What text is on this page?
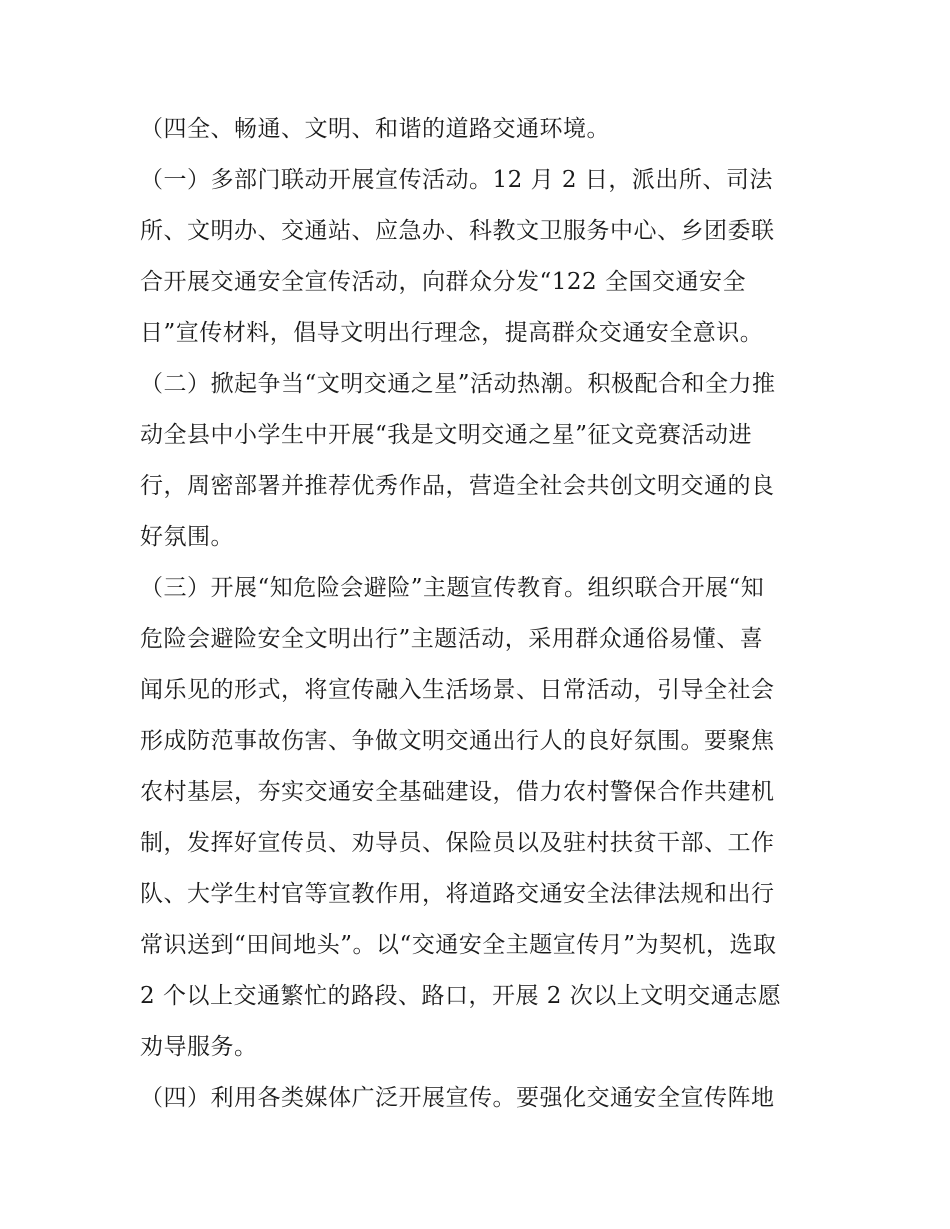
（四全、畅通、文明、和谐的道路交通环境。
（一）多部门联动开展宣传活动。12 月 2 日，派出所、司法
所、文明办、交通站、应急办、科教文卫服务中心、乡团委联
合开展交通安全宣传活动，向群众分发“122 全国交通安全
日”宣传材料，倡导文明出行理念，提高群众交通安全意识。
（二）掀起争当“文明交通之星”活动热潮。积极配合和全力推
动全县中小学生中开展“我是文明交通之星”征文竞赛活动进
行，周密部署并推荐优秀作品，营造全社会共创文明交通的良
好氛围。
（三）开展“知危险会避险”主题宣传教育。组织联合开展“知
危险会避险安全文明出行”主题活动，采用群众通俗易懂、喜
闻乐见的形式，将宣传融入生活场景、日常活动，引导全社会
形成防范事故伤害、争做文明交通出行人的良好氛围。要聚焦
农村基层，夯实交通安全基础建设，借力农村警保合作共建机
制，发挥好宣传员、劝导员、保险员以及驻村扶贫干部、工作
队、大学生村官等宣教作用，将道路交通安全法律法规和出行
常识送到“田间地头”。以“交通安全主题宣传月”为契机，选取
2 个以上交通繁忙的路段、路口，开展 2 次以上文明交通志愿
劝导服务。
（四）利用各类媒体广泛开展宣传。要强化交通安全宣传阵地
